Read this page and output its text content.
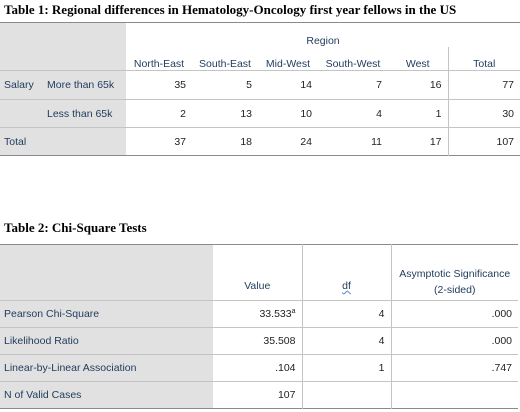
Table 1: Regional differences in Hematology-Oncology first year fellows in the US
		Region					
		North-East	South-East	Mid-West	South-West	West	Total
Salary	More than 65k	35	5	14	7	16	77
	Less than 65k	2	13	10	4	1	30
Total		37	18	24	11	17	107
Table 2: Chi-Square Tests
	Value	df	Asymptotic Significance (2-sided)
Pearson Chi-Square	33.533$^a$	4	.000
Likelihood Ratio	35.508	4	.000
Linear-by-Linear Association	.104	1	.747
N of Valid Cases	107		
